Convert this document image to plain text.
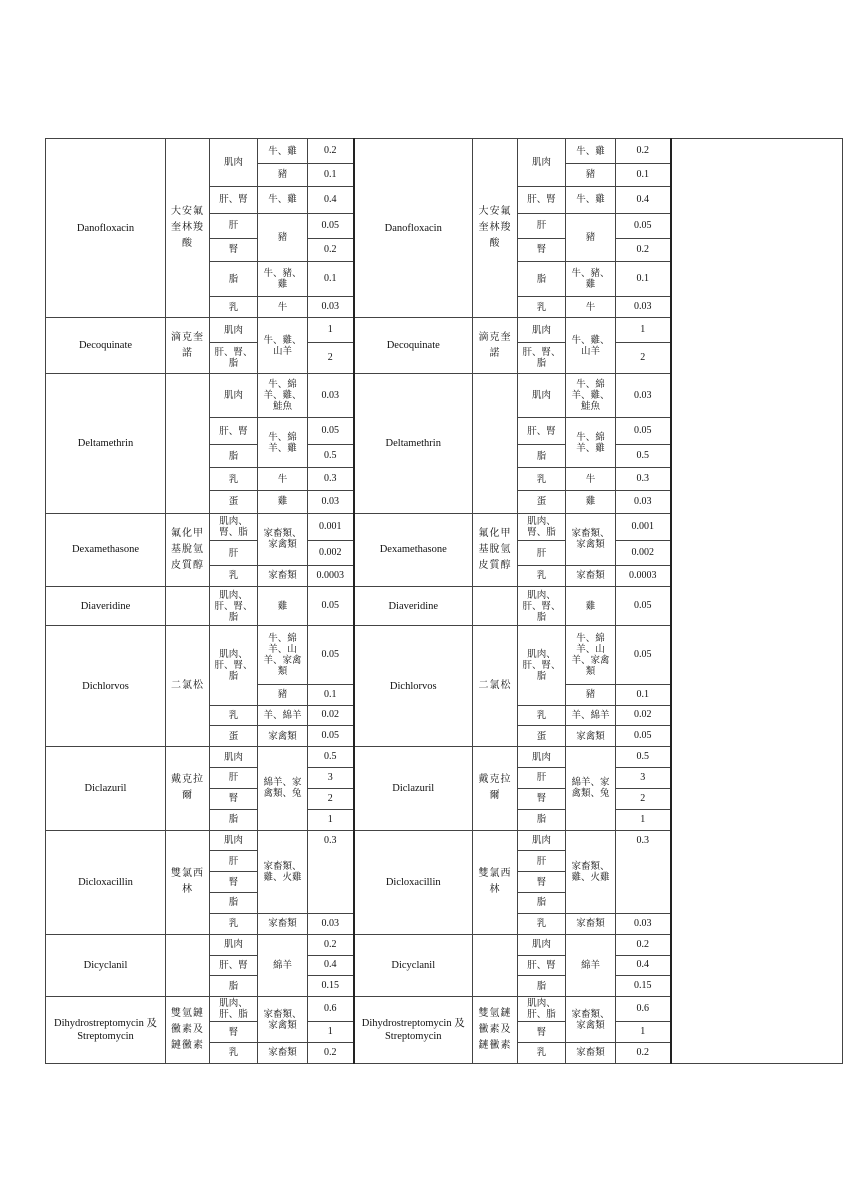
Danofloxacin	大安氟奎林羧酸	肌肉	牛、雞	0.2	Danofloxacin	大安氟奎林羧酸	肌肉	牛、雞	0.2	
			豬	0.1				豬	0.1	
		肝、腎	牛、雞	0.4			肝、腎	牛、雞	0.4	
		肝	豬	0.05			肝	豬	0.05	
		腎		0.2			腎		0.2	
		脂	牛、豬、雞	0.1			脂	牛、豬、雞	0.1	
		乳	牛	0.03			乳	牛	0.03	
Decoquinate	滴克奎諾	肌肉	牛、雞、山羊	1	Decoquinate	滴克奎諾	肌肉	牛、雞、山羊	1	
		肝、腎、脂		2			肝、腎、脂		2	
Deltamethrin		肌肉	牛、綿羊、雞、鮭魚	0.03	Deltamethrin		肌肉	牛、綿羊、雞、鮭魚	0.03	
		肝、腎	牛、綿羊、雞	0.05			肝、腎	牛、綿羊、雞	0.05	
		脂		0.5			脂		0.5	
		乳	牛	0.3			乳	牛	0.3	
		蛋	雞	0.03			蛋	雞	0.03	
Dexamethasone	氟化甲基脫氫皮質醇	肌肉、腎、脂	家畜類、家禽類	0.001	Dexamethasone	氟化甲基脫氫皮質醇	肌肉、腎、脂	家畜類、家禽類	0.001	
		肝		0.002			肝		0.002	
		乳	家畜類	0.0003			乳	家畜類	0.0003	
Diaveridine		肌肉、肝、腎、脂	雞	0.05	Diaveridine		肌肉、肝、腎、脂	雞	0.05	
Dichlorvos	二氯松	肌肉、肝、腎、脂	牛、綿羊、山羊、家禽類	0.05	Dichlorvos	二氯松	肌肉、肝、腎、脂	牛、綿羊、山羊、家禽類	0.05	
			豬	0.1				豬	0.1	
		乳	羊、綿羊	0.02			乳	羊、綿羊	0.02	
		蛋	家禽類	0.05			蛋	家禽類	0.05	
Diclazuril	戴克拉爾	肌肉	綿羊、家禽類、兔	0.5	Diclazuril	戴克拉爾	肌肉	綿羊、家禽類、兔	0.5	
		肝		3			肝		3	
		腎		2			腎		2	
		脂		1			脂		1	
Dicloxacillin	雙氯西林	肌肉	家畜類、雞、火雞	0.3	Dicloxacillin	雙氯西林	肌肉	家畜類、雞、火雞	0.3	
		肝					肝			
		腎					腎			
		脂					脂			
		乳	家畜類	0.03			乳	家畜類	0.03	
Dicyclanil		肌肉	綿羊	0.2	Dicyclanil		肌肉	綿羊	0.2	
		肝、腎		0.4			肝、腎		0.4	
		脂		0.15			脂		0.15	
Dihydrostreptomycin 及 Streptomycin	雙氫鏈黴素及鏈黴素	肌肉、肝、脂	家畜類、家禽類	0.6	Dihydrostreptomycin 及 Streptomycin	雙氫鏈黴素及鏈黴素	肌肉、肝、脂	家畜類、家禽類	0.6	
		腎		1			腎		1	
		乳	家畜類	0.2			乳	家畜類	0.2	
